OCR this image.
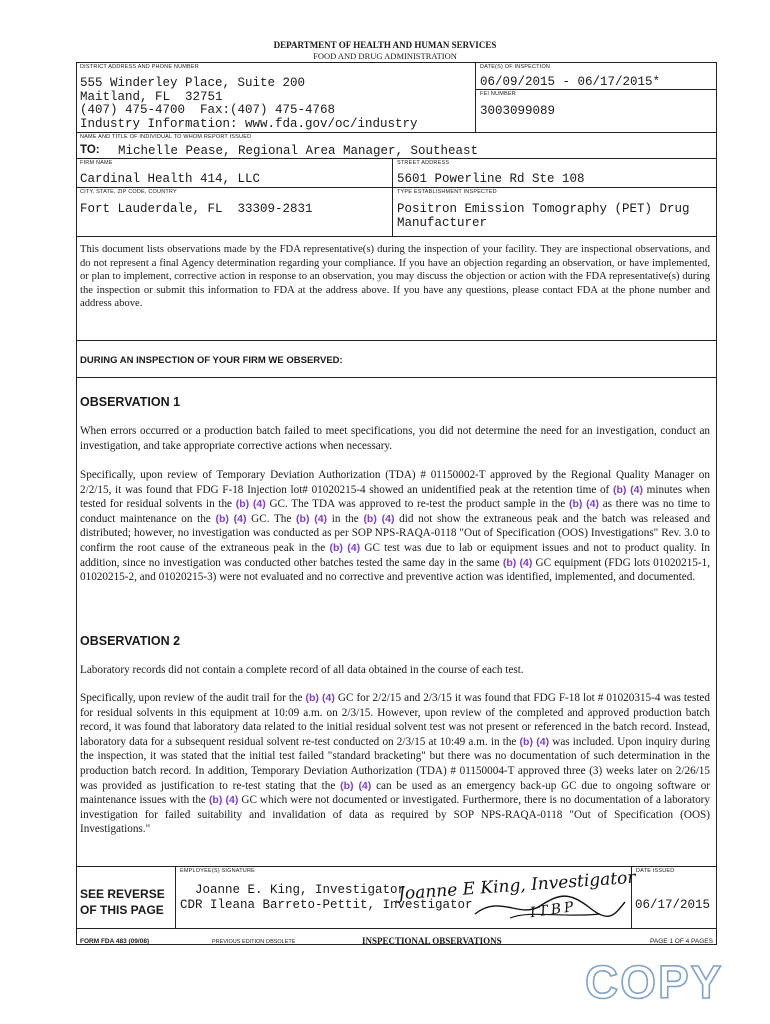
DEPARTMENT OF HEALTH AND HUMAN SERVICES
FOOD AND DRUG ADMINISTRATION
DISTRICT ADDRESS AND PHONE NUMBER
555 Winderley Place, Suite 200
Maitland, FL  32751
(407) 475-4700  Fax:(407) 475-4768
Industry Information: www.fda.gov/oc/industry
DATE(S) OF INSPECTION
06/09/2015 - 06/17/2015*
FEI NUMBER
3003099089
NAME AND TITLE OF INDIVIDUAL TO WHOM REPORT ISSUED
TO: Michelle Pease, Regional Area Manager, Southeast
FIRM NAME
Cardinal Health 414, LLC
STREET ADDRESS
5601 Powerline Rd Ste 108
CITY, STATE, ZIP CODE, COUNTRY
Fort Lauderdale, FL  33309-2831
TYPE ESTABLISHMENT INSPECTED
Positron Emission Tomography (PET) Drug
Manufacturer
This document lists observations made by the FDA representative(s) during the inspection of your facility. They are inspectional observations, and do not represent a final Agency determination regarding your compliance. If you have an objection regarding an observation, or have implemented, or plan to implement, corrective action in response to an observation, you may discuss the objection or action with the FDA representative(s) during the inspection or submit this information to FDA at the address above. If you have any questions, please contact FDA at the phone number and address above.
DURING AN INSPECTION OF YOUR FIRM WE OBSERVED:
OBSERVATION 1
When errors occurred or a production batch failed to meet specifications, you did not determine the need for an investigation, conduct an investigation, and take appropriate corrective actions when necessary.
Specifically, upon review of Temporary Deviation Authorization (TDA) # 01150002-T approved by the Regional Quality Manager on 2/2/15, it was found that FDG F-18 Injection lot# 01020215-4 showed an unidentified peak at the retention time of (b) (4) minutes when tested for residual solvents in the (b) (4) GC. The TDA was approved to re-test the product sample in the (b) (4) as there was no time to conduct maintenance on the (b) (4) GC. The (b) (4) in the (b) (4) did not show the extraneous peak and the batch was released and distributed; however, no investigation was conducted as per SOP NPS-RAQA-0118 "Out of Specification (OOS) Investigations" Rev. 3.0 to confirm the root cause of the extraneous peak in the (b) (4) GC test was due to lab or equipment issues and not to product quality. In addition, since no investigation was conducted other batches tested the same day in the same (b) (4) GC equipment (FDG lots 01020215-1, 01020215-2, and 01020215-3) were not evaluated and no corrective and preventive action was identified, implemented, and documented.
OBSERVATION 2
Laboratory records did not contain a complete record of all data obtained in the course of each test.
Specifically, upon review of the audit trail for the (b) (4) GC for 2/2/15 and 2/3/15 it was found that FDG F-18 lot # 01020315-4 was tested for residual solvents in this equipment at 10:09 a.m. on 2/3/15. However, upon review of the completed and approved production batch record, it was found that laboratory data related to the initial residual solvent test was not present or referenced in the batch record. Instead, laboratory data for a subsequent residual solvent re-test conducted on 2/3/15 at 10:49 a.m. in the (b) (4) was included. Upon inquiry during the inspection, it was stated that the initial test failed "standard bracketing" but there was no documentation of such determination in the production batch record. In addition, Temporary Deviation Authorization (TDA) # 01150004-T approved three (3) weeks later on 2/26/15 was provided as justification to re-test stating that the (b) (4) can be used as an emergency back-up GC due to ongoing software or maintenance issues with the (b) (4) GC which were not documented or investigated. Furthermore, there is no documentation of a laboratory investigation for failed suitability and invalidation of data as required by SOP NPS-RAQA-0118 "Out of Specification (OOS) Investigations."
SEE REVERSE
OF THIS PAGE
EMPLOYEE(S) SIGNATURE
Joanne E. King, Investigator
CDR Ileana Barreto-Pettit, Investigator
DATE ISSUED
06/17/2015
Joanne E King, Investigator
ITBP
FORM FDA 483 (09/08)	PREVIOUS EDITION OBSOLETE	INSPECTIONAL OBSERVATIONS	PAGE 1 OF 4 PAGES
COPY
